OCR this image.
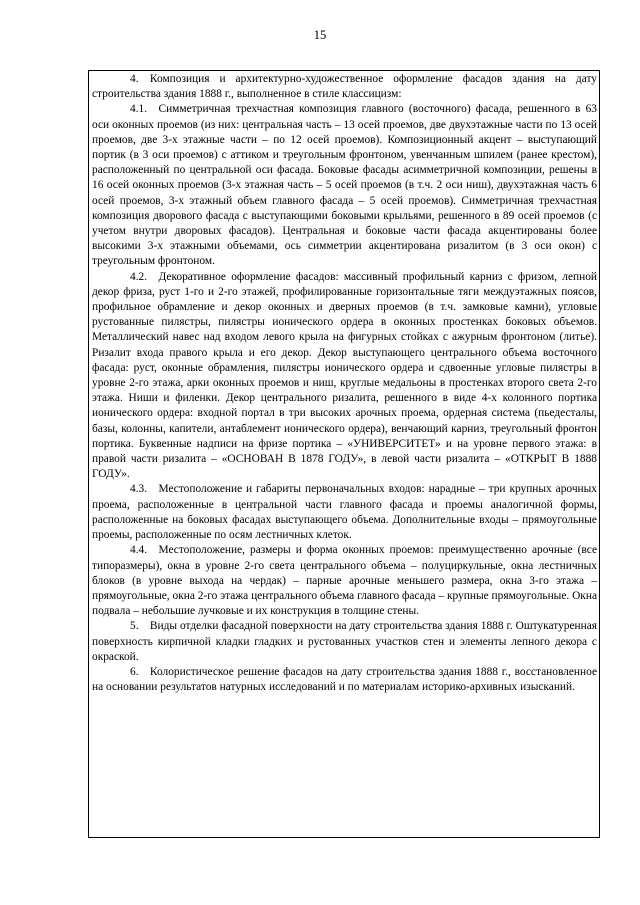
15

4. Композиция и архитектурно-художественное оформление фасадов здания на дату строительства здания 1888 г., выполненное в стиле классицизм:

4.1. Симметричная трехчастная композиция главного (восточного) фасада, решенного в 63 оси оконных проемов (из них: центральная часть – 13 осей проемов, две двухэтажные части по 13 осей проемов, две 3-х этажные части – по 12 осей проемов). Композиционный акцент – выступающий портик (в 3 оси проемов) с аттиком и треугольным фронтоном, увенчанным шпилем (ранее крестом), расположенный по центральной оси фасада. Боковые фасады асимметричной композиции, решены в 16 осей оконных проемов (3-х этажная часть – 5 осей проемов (в т.ч. 2 оси ниш), двухэтажная часть 6 осей проемов, 3-х этажный объем главного фасада – 5 осей проемов). Симметричная трехчастная композиция дворового фасада с выступающими боковыми крыльями, решенного в 89 осей проемов (с учетом внутри дворовых фасадов). Центральная и боковые части фасада акцентированы более высокими 3-х этажными объемами, ось симметрии акцентирована ризалитом (в 3 оси окон) с треугольным фронтоном.

4.2. Декоративное оформление фасадов: массивный профильный карниз с фризом, лепной декор фриза, руст 1-го и 2-го этажей, профилированные горизонтальные тяги междуэтажных поясов, профильное обрамление и декор оконных и дверных проемов (в т.ч. замковые камни), угловые рустованные пилястры, пилястры ионического ордера в оконных простенках боковых объемов. Металлический навес над входом левого крыла на фигурных стойках с ажурным фронтоном (литье). Ризалит входа правого крыла и его декор. Декор выступающего центрального объема восточного фасада: руст, оконные обрамления, пилястры ионического ордера и сдвоенные угловые пилястры в уровне 2-го этажа, арки оконных проемов и ниш, круглые медальоны в простенках второго света 2-го этажа. Ниши и филенки. Декор центрального ризалита, решенного в виде 4-х колонного портика ионического ордера: входной портал в три высоких арочных проема, ордерная система (пьедесталы, базы, колонны, капители, антаблемент ионического ордера), венчающий карниз, треугольный фронтон портика. Буквенные надписи на фризе портика – «УНИВЕРСИТЕТ» и на уровне первого этажа: в правой части ризалита – «ОСНОВАН В 1878 ГОДУ», в левой части ризалита – «ОТКРЫТ В 1888 ГОДУ».

4.3. Местоположение и габариты первоначальных входов: нарадные – три крупных арочных проема, расположенные в центральной части главного фасада и проемы аналогичной формы, расположенные на боковых фасадах выступающего объема. Дополнительные входы – прямоугольные проемы, расположенные по осям лестничных клеток.

4.4. Местоположение, размеры и форма оконных проемов: преимущественно арочные (все типоразмеры), окна в уровне 2-го света центрального объема – полуциркульные, окна лестничных блоков (в уровне выхода на чердак) – парные арочные меньшего размера, окна 3-го этажа – прямоугольные, окна 2-го этажа центрального объема главного фасада – крупные прямоугольные. Окна подвала – небольшие лучковые и их конструкция в толщине стены.

5. Виды отделки фасадной поверхности на дату строительства здания 1888 г. Оштукатуренная поверхность кирпичной кладки гладких и рустованных участков стен и элементы лепного декора с окраской.

6. Колористическое решение фасадов на дату строительства здания 1888 г., восстановленное на основании результатов натурных исследований и по материалам историко-архивных изысканий.
